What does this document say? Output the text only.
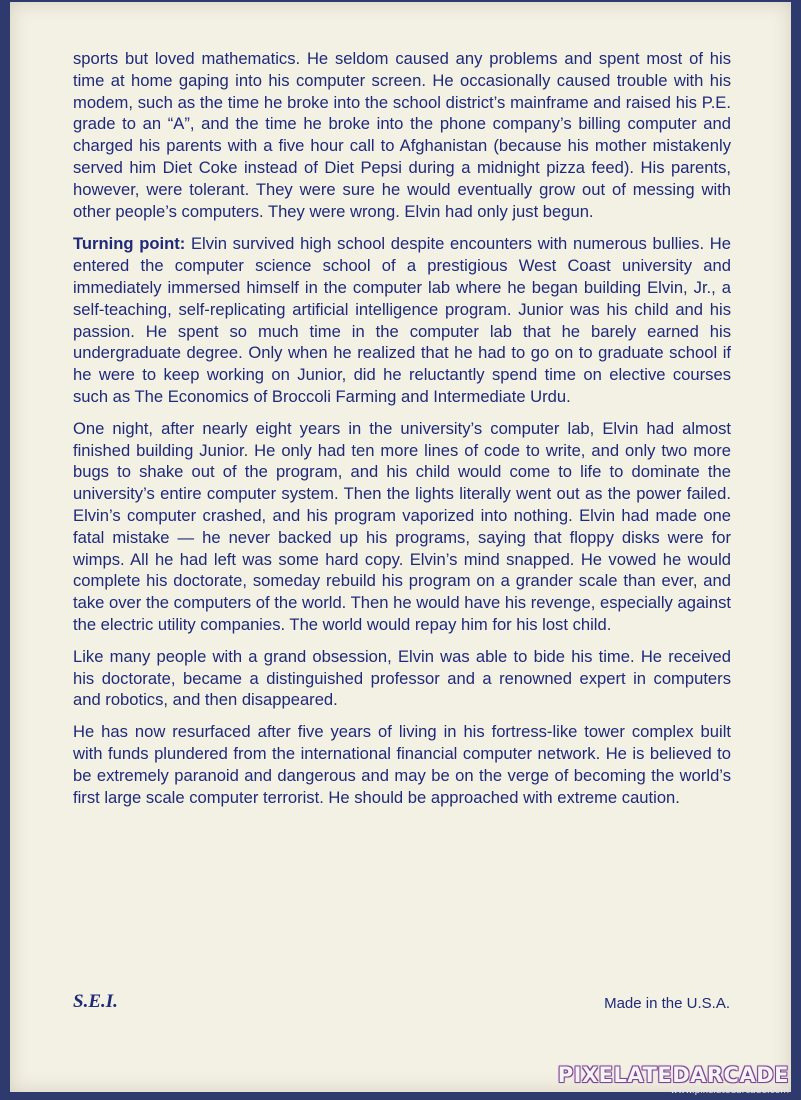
sports but loved mathematics. He seldom caused any problems and spent most of his time at home gaping into his computer screen. He occasionally caused trouble with his modem, such as the time he broke into the school district’s mainframe and raised his P.E. grade to an “A”, and the time he broke into the phone company’s billing computer and charged his parents with a five hour call to Afghanistan (because his mother mistakenly served him Diet Coke instead of Diet Pepsi during a midnight pizza feed). His parents, however, were tolerant. They were sure he would eventually grow out of messing with other people’s computers. They were wrong. Elvin had only just begun.

Turning point: Elvin survived high school despite encounters with numerous bullies. He entered the computer science school of a prestigious West Coast university and immediately immersed himself in the computer lab where he began building Elvin, Jr., a self-teaching, self-replicating artificial intelligence program. Junior was his child and his passion. He spent so much time in the computer lab that he barely earned his undergraduate degree. Only when he realized that he had to go on to graduate school if he were to keep working on Junior, did he reluctantly spend time on elective courses such as The Economics of Broccoli Farming and Intermediate Urdu.

One night, after nearly eight years in the university’s computer lab, Elvin had almost finished building Junior. He only had ten more lines of code to write, and only two more bugs to shake out of the program, and his child would come to life to dominate the university’s entire computer system. Then the lights literally went out as the power failed. Elvin’s computer crashed, and his program vaporized into nothing. Elvin had made one fatal mistake — he never backed up his programs, saying that floppy disks were for wimps. All he had left was some hard copy. Elvin’s mind snapped. He vowed he would complete his doctorate, someday rebuild his program on a grander scale than ever, and take over the computers of the world. Then he would have his revenge, especially against the electric utility companies. The world would repay him for his lost child.

Like many people with a grand obsession, Elvin was able to bide his time. He received his doctorate, became a distinguished professor and a renowned expert in computers and robotics, and then disappeared.

He has now resurfaced after five years of living in his fortress-like tower complex built with funds plundered from the international financial computer network. He is believed to be extremely paranoid and dangerous and may be on the verge of becoming the world’s first large scale computer terrorist. He should be approached with extreme caution.

S.E.I.	Made in the U.S.A.
PIXELATEDARCADE
www.pixelatedarcade.com
